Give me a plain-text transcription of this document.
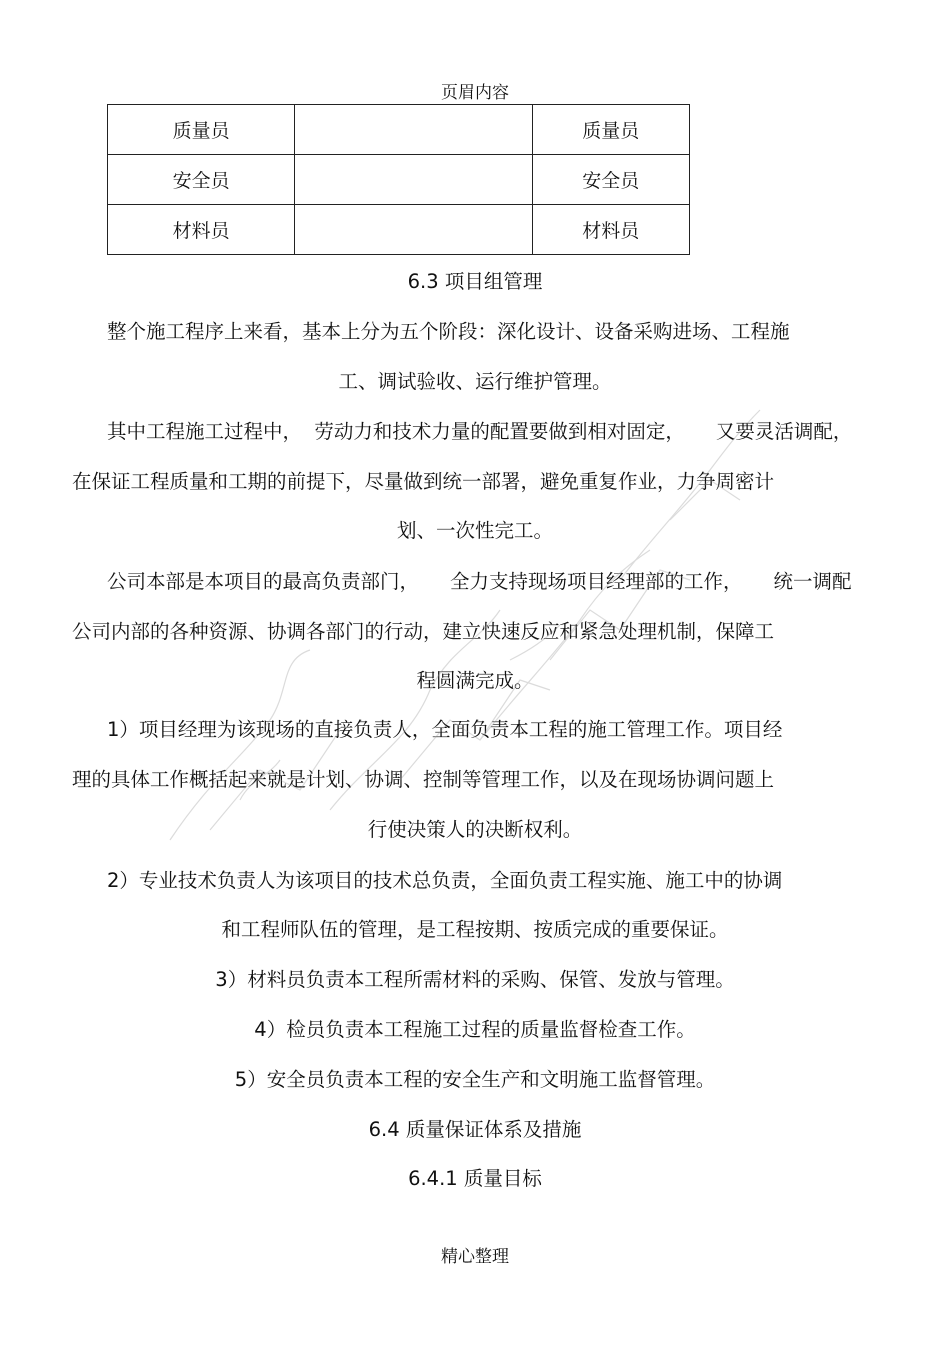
页眉内容
质量员		质量员
安全员		安全员
材料员		材料员
6.3 项目组管理
整个施工程序上来看，基本上分为五个阶段：深化设计、设备采购进场、工程施
工、调试验收、运行维护管理。
其中工程施工过程中，  劳动力和技术力量的配置要做到相对固定，     又要灵活调配，
在保证工程质量和工期的前提下，尽量做到统一部署，避免重复作业，力争周密计
划、一次性完工。
公司本部是本项目的最高负责部门，     全力支持现场项目经理部的工作，     统一调配
公司内部的各种资源、协调各部门的行动，建立快速反应和紧急处理机制，保障工
程圆满完成。
1）项目经理为该现场的直接负责人，全面负责本工程的施工管理工作。项目经
理的具体工作概括起来就是计划、协调、控制等管理工作，以及在现场协调问题上
行使决策人的决断权利。
2）专业技术负责人为该项目的技术总负责，全面负责工程实施、施工中的协调
和工程师队伍的管理，是工程按期、按质完成的重要保证。
3）材料员负责本工程所需材料的采购、保管、发放与管理。
4）检员负责本工程施工过程的质量监督检查工作。
5）安全员负责本工程的安全生产和文明施工监督管理。
6.4 质量保证体系及措施
6.4.1 质量目标
精心整理
